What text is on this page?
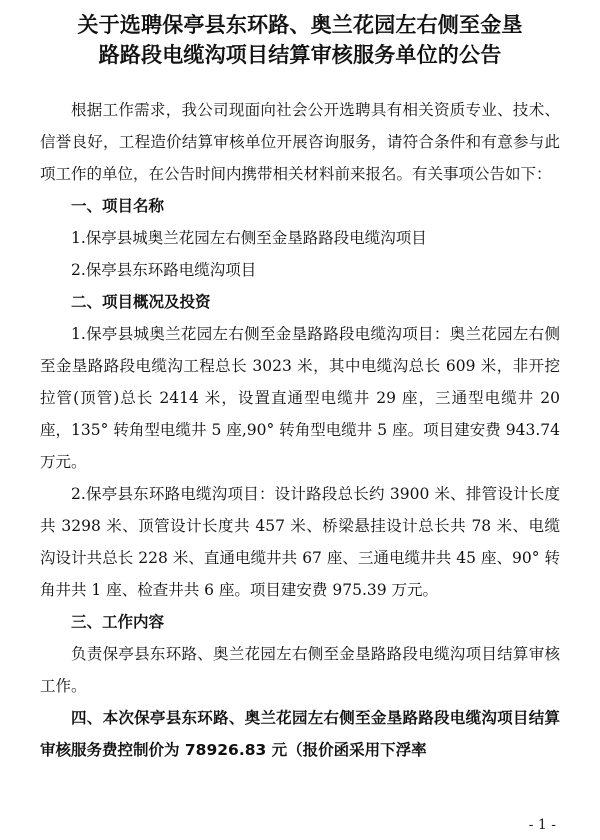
关于选聘保亭县东环路、奥兰花园左右侧至金垦
路路段电缆沟项目结算审核服务单位的公告

根据工作需求，我公司现面向社会公开选聘具有相关资质专业、技术、信誉良好，工程造价结算审核单位开展咨询服务，请符合条件和有意参与此项工作的单位，在公告时间内携带相关材料前来报名。有关事项公告如下：

一、项目名称

1.保亭县城奥兰花园左右侧至金垦路路段电缆沟项目

2.保亭县东环路电缆沟项目

二、项目概况及投资

1.保亭县城奥兰花园左右侧至金垦路路段电缆沟项目：奥兰花园左右侧至金垦路路段电缆沟工程总长 3023 米，其中电缆沟总长 609 米，非开挖拉管(顶管)总长 2414 米，设置直通型电缆井 29 座，三通型电缆井 20 座，135° 转角型电缆井 5 座,90° 转角型电缆井 5 座。项目建安费 943.74 万元。

2.保亭县东环路电缆沟项目：设计路段总长约 3900 米、排管设计长度共 3298 米、顶管设计长度共 457 米、桥梁悬挂设计总长共 78 米、电缆沟设计共总长 228 米、直通电缆井共 67 座、三通电缆井共 45 座、90° 转角井共 1 座、检查井共 6 座。项目建安费 975.39 万元。

三、工作内容

负责保亭县东环路、奥兰花园左右侧至金垦路路段电缆沟项目结算审核工作。

四、本次保亭县东环路、奥兰花园左右侧至金垦路路段电缆沟项目结算审核服务费控制价为 78926.83 元（报价函采用下浮率

- 1 -
